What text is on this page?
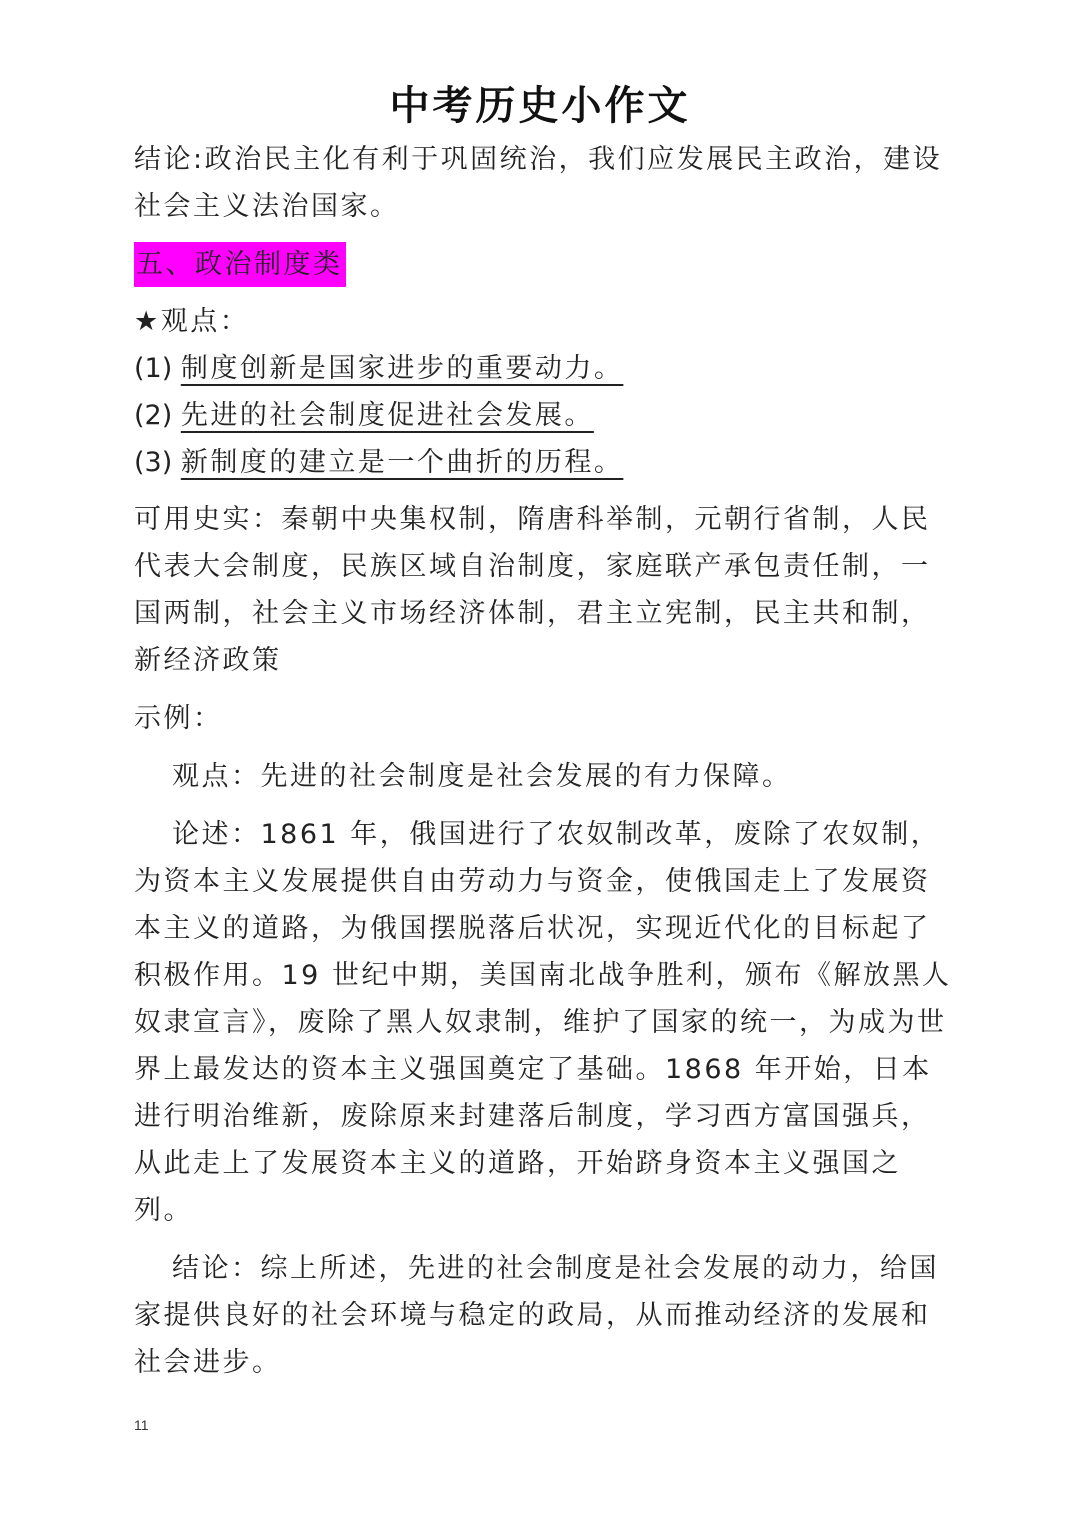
中考历史小作文

结论:政治民主化有利于巩固统治，我们应发展民主政治，建设社会主义法治国家。

五、政治制度类

★观点：

(1) 制度创新是国家进步的重要动力。

(2) 先进的社会制度促进社会发展。

(3) 新制度的建立是一个曲折的历程。

可用史实：秦朝中央集权制，隋唐科举制，元朝行省制，人民代表大会制度，民族区域自治制度，家庭联产承包责任制，一国两制，社会主义市场经济体制，君主立宪制，民主共和制，新经济政策

示例：

观点：先进的社会制度是社会发展的有力保障。

论述：1861 年，俄国进行了农奴制改革，废除了农奴制，为资本主义发展提供自由劳动力与资金，使俄国走上了发展资本主义的道路，为俄国摆脱落后状况，实现近代化的目标起了积极作用。19 世纪中期，美国南北战争胜利，颁布《解放黑人奴隶宣言》，废除了黑人奴隶制，维护了国家的统一，为成为世界上最发达的资本主义强国奠定了基础。1868 年开始，日本进行明治维新，废除原来封建落后制度，学习西方富国强兵，从此走上了发展资本主义的道路，开始跻身资本主义强国之列。

结论：综上所述，先进的社会制度是社会发展的动力，给国家提供良好的社会环境与稳定的政局，从而推动经济的发展和社会进步。

11
